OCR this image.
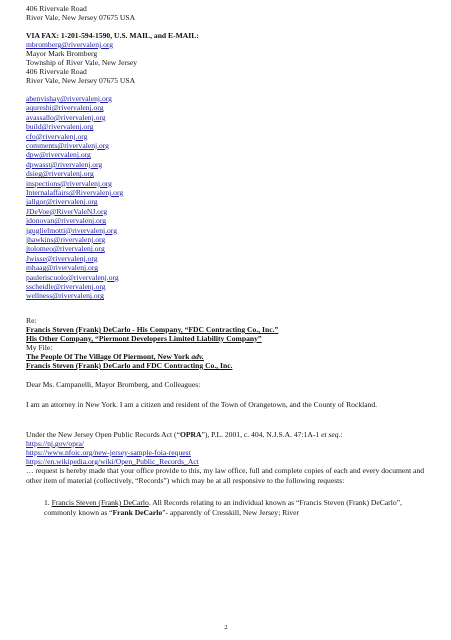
406 Rivervale Road
River Vale, New Jersey 07675 USA
VIA FAX: 1-201-594-1590, U.S. MAIL, and E-MAIL:
mbromberg@rivervalenj.org
Mayor Mark Bromberg
Township of River Vale, New Jersey
406 Rivervale Road
River Vale, New Jersey 07675 USA
abenvishay@rivervalenj.org
aqureshi@rivervalenj.org
avassallo@rivervalenj.org
build@rivervalenj.org
cfo@rivervalenj.org
comments@rivervalenj.org
dpw@rivervalenj.org
dpwasst@rivervalenj.org
dsieg@rivervalenj.org
inspections@rivervalenj.org
Internalaffairs@Rivervalenj.org
jallgor@rivervalenj.org
JDeVoe@RiverValeNJ.org
jdonovan@rivervalenj.org
jguglielmotti@rivervalenj.org
jhawkins@rivervalenj.org
jtolomeo@rivervalenj.org
Jwisse@rivervalenj.org
mhaag@rivervalenj.org
pauleriscuolo@rivervalenj.org
sscheidle@rivervalenj.org
wellness@rivervalenj.org
Re:
Francis Steven (Frank) DeCarlo - His Company, “FDC Contracting Co., Inc.”
His Other Company, “Piermont Developers Limited Liability Company”
My File:
The People Of The Village Of Piermont, New York adv.
Francis Steven (Frank) DeCarlo and FDC Contracting Co., Inc.
Dear Ms. Campanelli, Mayor Bromberg, and Colleagues:
I am an attorney in New York. I am a citizen and resident of the Town of Orangetown, and the County of Rockland.
Under the New Jersey Open Public Records Act (“OPRA”), P.L. 2001, c. 404, N.J.S.A. 47:1A-1 et seq.:
https://nj.gov/opra/
https://www.nfoic.org/new-jersey-sample-foia-request
https://en.wikipedia.org/wiki/Open_Public_Records_Act
… request is hereby made that your office provide to this, my law office, full and complete copies of each and every document and other item of material (collectively, “Records”) which may be at all responsive to the following requests:
1. Francis Steven (Frank) DeCarlo. All Records relating to an individual known as “Francis Steven (Frank) DeCarlo”, commonly known as “Frank DeCarlo”- apparently of Cresskill, New Jersey; River
2
